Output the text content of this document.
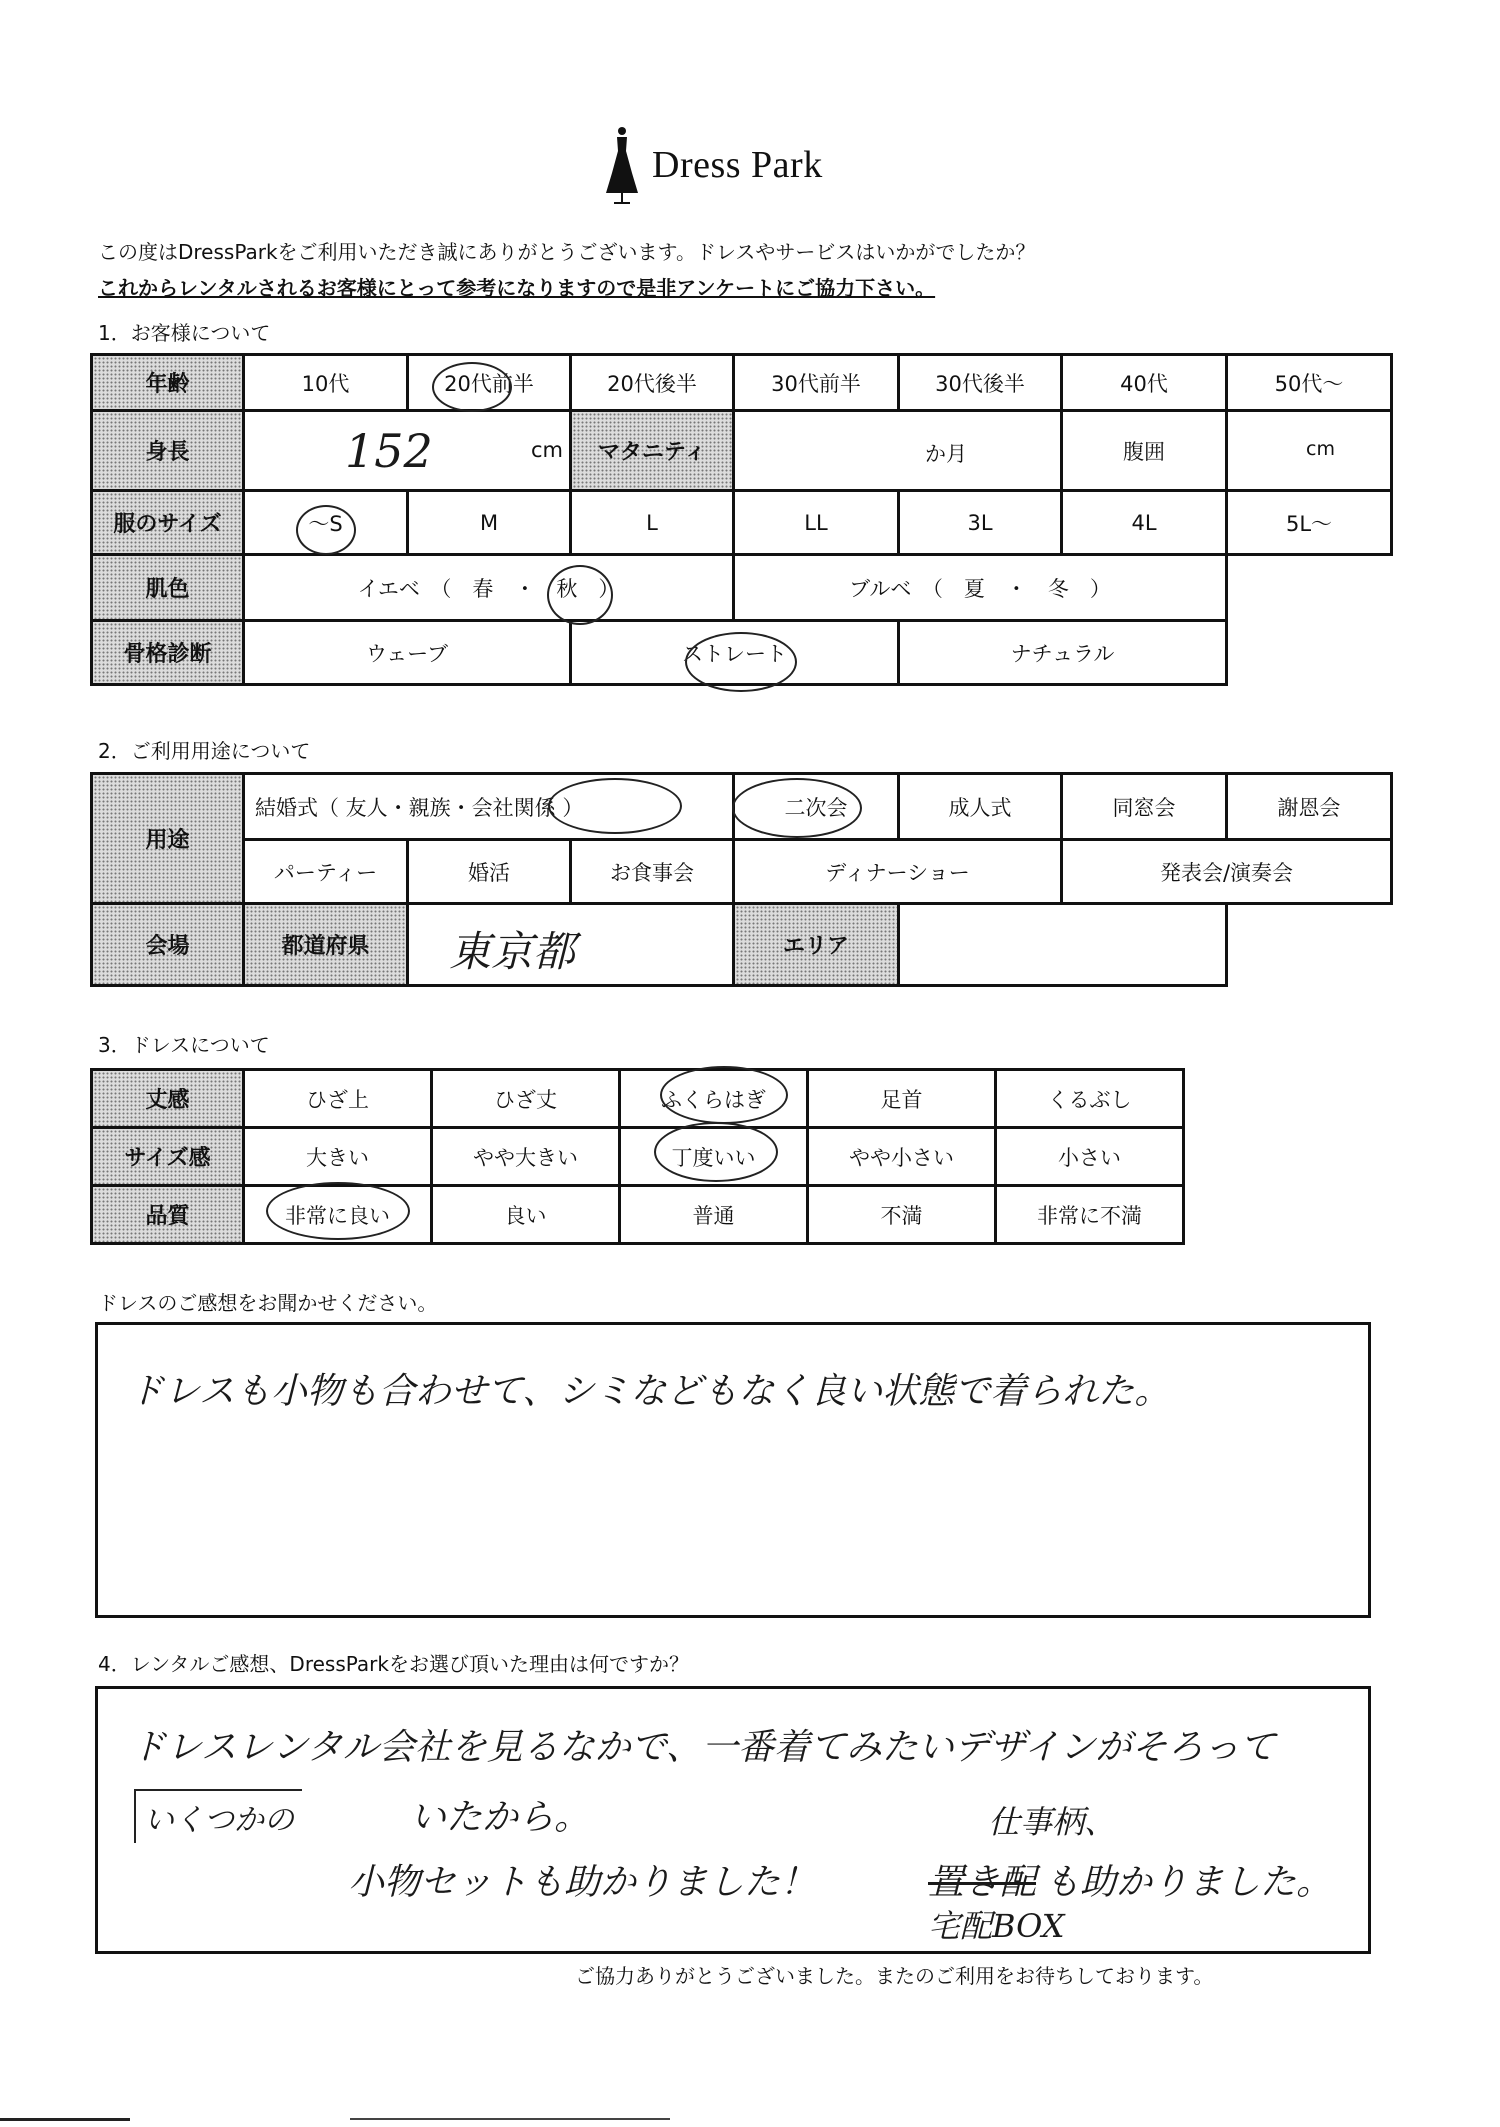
Dress Park
この度はDressParkをご利用いただき誠にありがとうございます。ドレスやサービスはいかがでしたか？
これからレンタルされるお客様にとって参考になりますので是非アンケートにご協力下さい。
1．お客様について
年齢	10代	20代前半	20代後半	30代前半	30代後半	40代	50代～
身長	152 cm		マタニティ	か月		腹囲	cm

服のサイズ	～S	M	L	LL	3L	4L	5L～
肌色	イエベ　（　春　・　秋　）			ブルベ　（　夏　・　冬　）			
骨格診断	ウェーブ		ストレート		ナチュラル		
2．ご利用用途について
用途	結婚式（ 友人・親族・会社関係 ）			二次会	成人式	同窓会	謝恩会
	パーティー	婚活	お食事会	ディナーショー		発表会/演奏会	
会場	都道府県	東京都		エリア			
3．ドレスについて
丈感	ひざ上	ひざ丈	ふくらはぎ	足首	くるぶし
サイズ感	大きい	やや大きい	丁度いい	やや小さい	小さい
品質	非常に良い	良い	普通	不満	非常に不満
ドレスのご感想をお聞かせください。
ドレスも小物も合わせて、シミなどもなく良い状態で着られた。
4．レンタルご感想、DressParkをお選び頂いた理由は何ですか？
ドレスレンタル会社を見るなかで、一番着てみたいデザインがそろって
いくつかの	いたから。
小物セットも助かりました！
仕事柄、
置き配 も助かりました。
宅配BOX
ご協力ありがとうございました。またのご利用をお待ちしております。
